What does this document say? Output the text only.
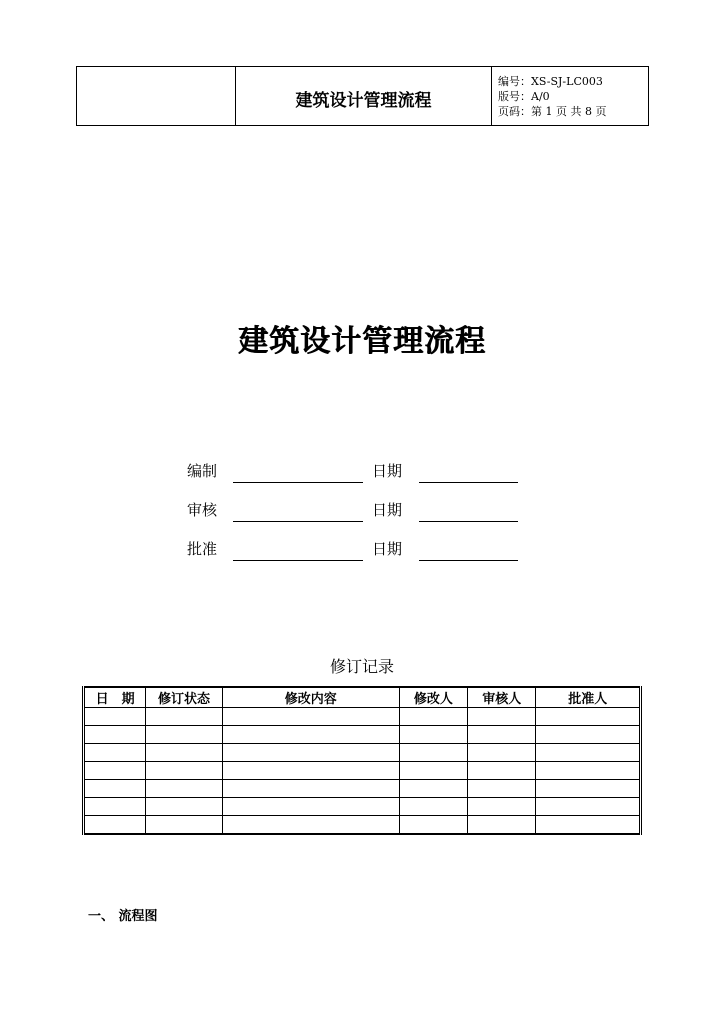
建筑设计管理流程
编号：XS-SJ-LC003
版号：A/0
页码：第 1 页 共 8 页
建筑设计管理流程
编制	日期
审核	日期
批准	日期
修订记录
日　期	修订状态	修改内容	修改人	审核人	批准人

一、 流程图
